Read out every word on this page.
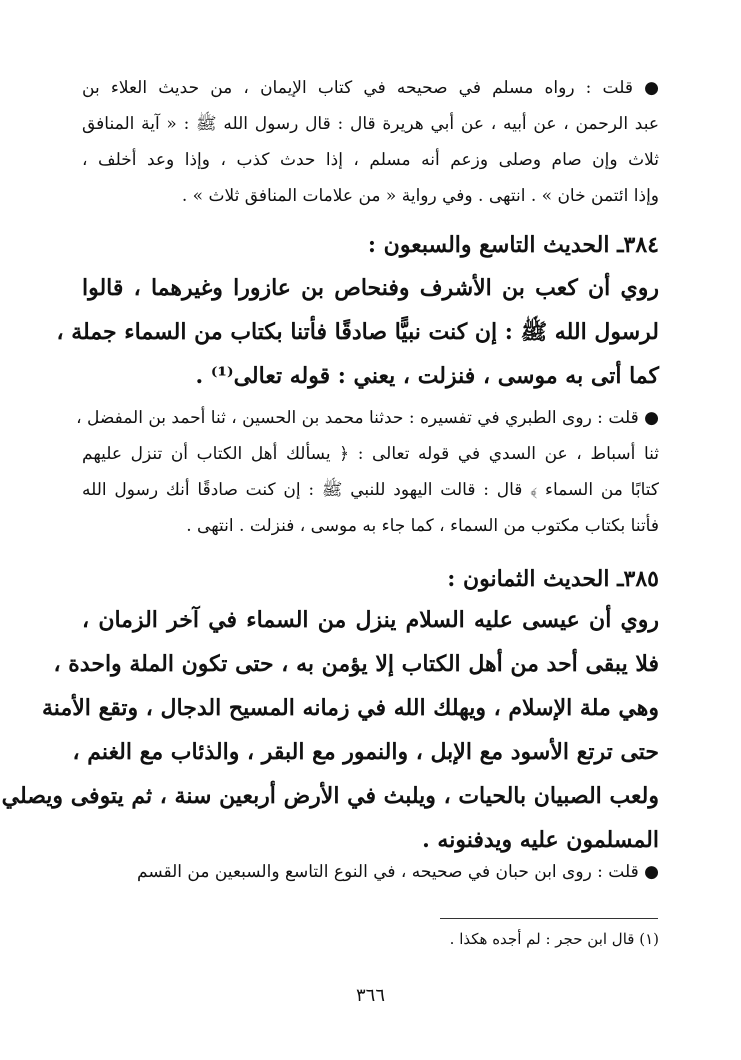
● قلت : رواه مسلم في صحيحه في كتاب الإيمان ، من حديث العلاء بن
عبد الرحمن ، عن أبيه ، عن أبي هريرة قال : قال رسول الله ﷺ : « آية المنافق
ثلاث وإن صام وصلى وزعم أنه مسلم ، إذا حدث كذب ، وإذا وعد أخلف ،
وإذا ائتمن خان » . انتهى . وفي رواية « من علامات المنافق ثلاث » .
٣٨٤ـ الحديث التاسع والسبعون :
روي أن كعب بن الأشرف وفنحاص بن عازورا وغيرهما ، قالوا
لرسول الله ﷺ : إن كنت نبيًّا صادقًا فأتنا بكتاب من السماء جملة ،
كما أتى به موسى ، فنزلت ، يعني : قوله تعالى⁽¹⁾ .
● قلت : روى الطبري في تفسيره : حدثنا محمد بن الحسين ، ثنا أحمد بن المفضل ،
ثنا أسباط ، عن السدي في قوله تعالى : ﴿ يسألك أهل الكتاب أن تنزل عليهم
كتابًا من السماء ﴾ قال : قالت اليهود للنبي ﷺ : إن كنت صادقًا أنك رسول الله
فأتنا بكتاب مكتوب من السماء ، كما جاء به موسى ، فنزلت . انتهى .
٣٨٥ـ الحديث الثمانون :
روي أن عيسى عليه السلام ينزل من السماء في آخر الزمان ،
فلا يبقى أحد من أهل الكتاب إلا يؤمن به ، حتى تكون الملة واحدة ،
وهي ملة الإسلام ، ويهلك الله في زمانه المسيح الدجال ، وتقع الأمنة
حتى ترتع الأسود مع الإبل ، والنمور مع البقر ، والذئاب مع الغنم ،
ولعب الصبيان بالحيات ، ويلبث في الأرض أربعين سنة ، ثم يتوفى ويصلي
المسلمون عليه ويدفنونه .
● قلت : روى ابن حبان في صحيحه ، في النوع التاسع والسبعين من القسم
(١) قال ابن حجر : لم أجده هكذا .
٣٦٦
